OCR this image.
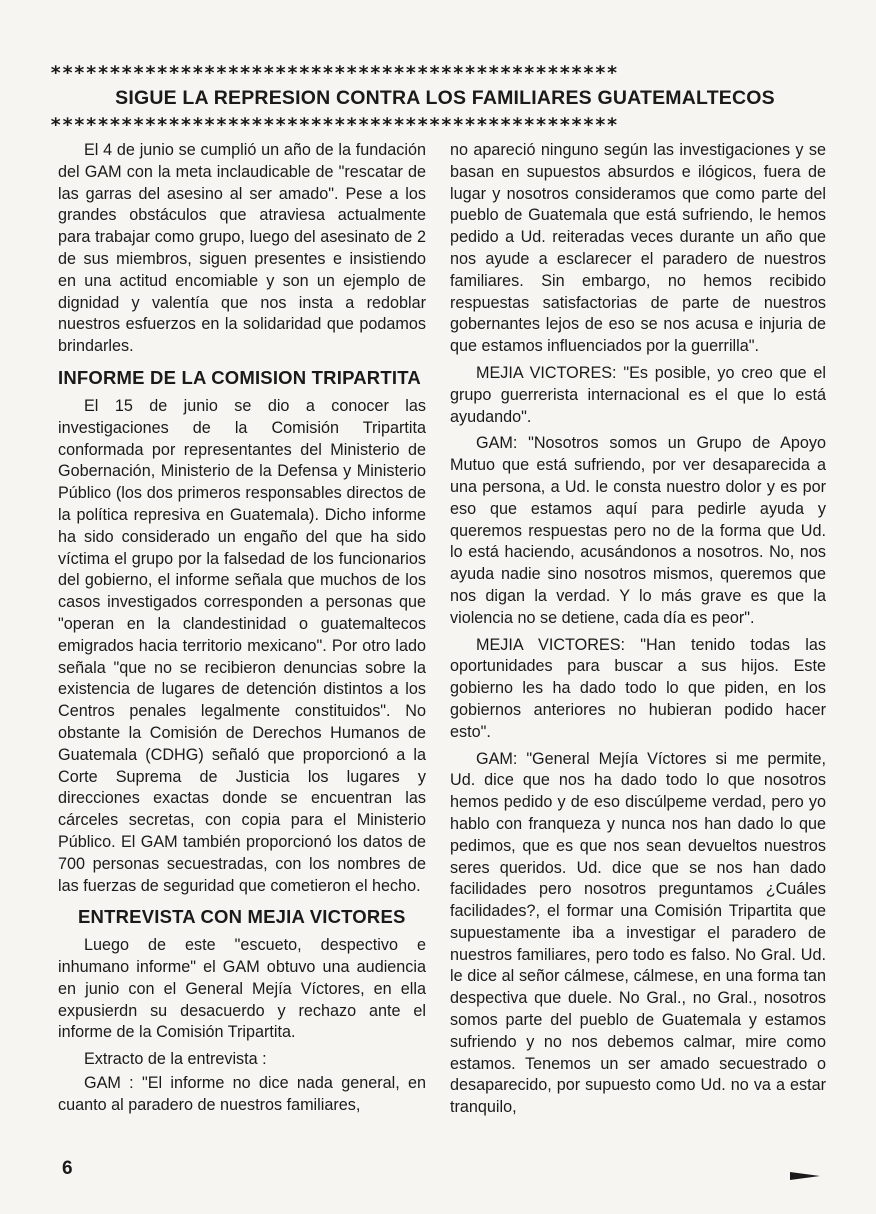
************************************************
SIGUE LA REPRESION CONTRA LOS FAMILIARES GUATEMALTECOS
************************************************

El 4 de junio se cumplió un año de la fundación del GAM con la meta inclaudicable de "rescatar de las garras del asesino al ser amado". Pese a los grandes obstáculos que atraviesa actualmente para trabajar como grupo, luego del asesinato de 2 de sus miembros, siguen presentes e insistiendo en una actitud encomiable y son un ejemplo de dignidad y valentía que nos insta a redoblar nuestros esfuerzos en la solidaridad que podamos brindarles.

INFORME DE LA COMISION TRIPARTITA

El 15 de junio se dio a conocer las investigaciones de la Comisión Tripartita conformada por representantes del Ministerio de Gobernación, Ministerio de la Defensa y Ministerio Público (los dos primeros responsables directos de la política represiva en Guatemala). Dicho informe ha sido considerado un engaño del que ha sido víctima el grupo por la falsedad de los funcionarios del gobierno, el informe señala que muchos de los casos investigados corresponden a personas que "operan en la clandestinidad o guatemaltecos emigrados hacia territorio mexicano". Por otro lado señala "que no se recibieron denuncias sobre la existencia de lugares de detención distintos a los Centros penales legalmente constituidos". No obstante la Comisión de Derechos Humanos de Guatemala (CDHG) señaló que proporcionó a la Corte Suprema de Justicia los lugares y direcciones exactas donde se encuentran las cárceles secretas, con copia para el Ministerio Público. El GAM también proporcionó los datos de 700 personas secuestradas, con los nombres de las fuerzas de seguridad que cometieron el hecho.

ENTREVISTA CON MEJIA VICTORES

Luego de este "escueto, despectivo e inhumano informe" el GAM obtuvo una audiencia en junio con el General Mejía Víctores, en ella expusierdn su desacuerdo y rechazo ante el informe de la Comisión Tripartita.

Extracto de la entrevista :

GAM : "El informe no dice nada general, en cuanto al paradero de nuestros familiares,

no apareció ninguno según las investigaciones y se basan en supuestos absurdos e ilógicos, fuera de lugar y nosotros consideramos que como parte del pueblo de Guatemala que está sufriendo, le hemos pedido a Ud. reiteradas veces durante un año que nos ayude a esclarecer el paradero de nuestros familiares. Sin embargo, no hemos recibido respuestas satisfactorias de parte de nuestros gobernantes lejos de eso se nos acusa e injuria de que estamos influenciados por la guerrilla".

MEJIA VICTORES: "Es posible, yo creo que el grupo guerrerista internacional es el que lo está ayudando".

GAM: "Nosotros somos un Grupo de Apoyo Mutuo que está sufriendo, por ver desaparecida a una persona, a Ud. le consta nuestro dolor y es por eso que estamos aquí para pedirle ayuda y queremos respuestas pero no de la forma que Ud. lo está haciendo, acusándonos a nosotros. No, nos ayuda nadie sino nosotros mismos, queremos que nos digan la verdad. Y lo más grave es que la violencia no se detiene, cada día es peor".

MEJIA VICTORES: "Han tenido todas las oportunidades para buscar a sus hijos. Este gobierno les ha dado todo lo que piden, en los gobiernos anteriores no hubieran podido hacer esto".

GAM: "General Mejía Víctores si me permite, Ud. dice que nos ha dado todo lo que nosotros hemos pedido y de eso discúlpeme verdad, pero yo hablo con franqueza y nunca nos han dado lo que pedimos, que es que nos sean devueltos nuestros seres queridos. Ud. dice que se nos han dado facilidades pero nosotros preguntamos ¿Cuáles facilidades?, el formar una Comisión Tripartita que supuestamente iba a investigar el paradero de nuestros familiares, pero todo es falso. No Gral. Ud. le dice al señor cálmese, cálmese, en una forma tan despectiva que duele. No Gral., no Gral., nosotros somos parte del pueblo de Guatemala y estamos sufriendo y no nos debemos calmar, mire como estamos. Tenemos un ser amado secuestrado o desaparecido, por supuesto como Ud. no va a estar tranquilo,

6
